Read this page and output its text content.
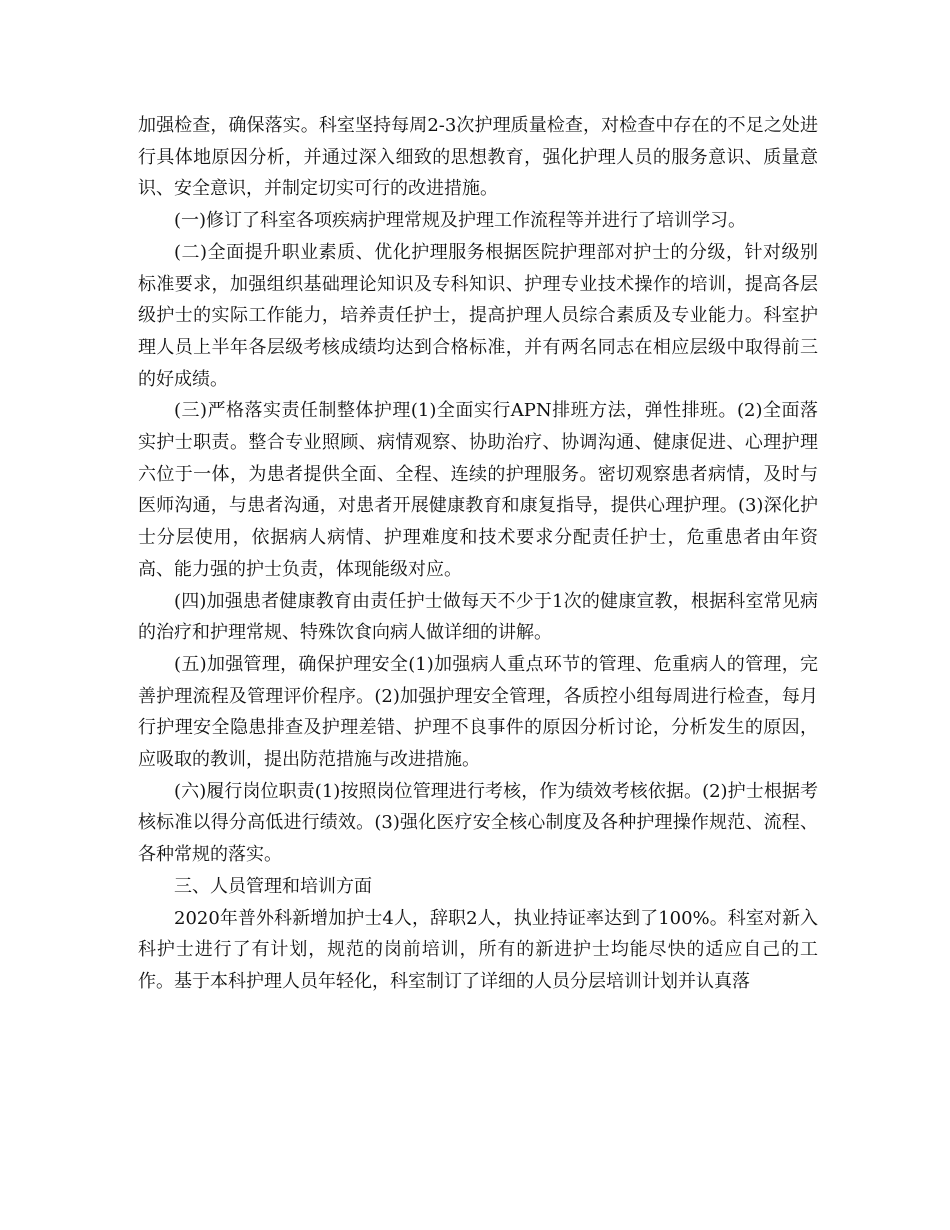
加强检查，确保落实。科室坚持每周2-3次护理质量检查，对检查中存在的不足之处进行具体地原因分析，并通过深入细致的思想教育，强化护理人员的服务意识、质量意识、安全意识，并制定切实可行的改进措施。

(一)修订了科室各项疾病护理常规及护理工作流程等并进行了培训学习。

(二)全面提升职业素质、优化护理服务根据医院护理部对护士的分级，针对级别标准要求，加强组织基础理论知识及专科知识、护理专业技术操作的培训，提高各层级护士的实际工作能力，培养责任护士，提高护理人员综合素质及专业能力。科室护理人员上半年各层级考核成绩均达到合格标准，并有两名同志在相应层级中取得前三的好成绩。

(三)严格落实责任制整体护理(1)全面实行APN排班方法，弹性排班。(2)全面落实护士职责。整合专业照顾、病情观察、协助治疗、协调沟通、健康促进、心理护理六位于一体，为患者提供全面、全程、连续的护理服务。密切观察患者病情，及时与医师沟通，与患者沟通，对患者开展健康教育和康复指导，提供心理护理。(3)深化护士分层使用，依据病人病情、护理难度和技术要求分配责任护士，危重患者由年资高、能力强的护士负责，体现能级对应。

(四)加强患者健康教育由责任护士做每天不少于1次的健康宣教，根据科室常见病的治疗和护理常规、特殊饮食向病人做详细的讲解。

(五)加强管理，确保护理安全(1)加强病人重点环节的管理、危重病人的管理，完善护理流程及管理评价程序。(2)加强护理安全管理，各质控小组每周进行检查，每月行护理安全隐患排查及护理差错、护理不良事件的原因分析讨论，分析发生的原因，应吸取的教训，提出防范措施与改进措施。

(六)履行岗位职责(1)按照岗位管理进行考核，作为绩效考核依据。(2)护士根据考核标准以得分高低进行绩效。(3)强化医疗安全核心制度及各种护理操作规范、流程、各种常规的落实。

三、人员管理和培训方面

2020年普外科新增加护士4人，辞职2人，执业持证率达到了100%。科室对新入科护士进行了有计划，规范的岗前培训，所有的新进护士均能尽快的适应自己的工作。基于本科护理人员年轻化，科室制订了详细的人员分层培训计划并认真落
